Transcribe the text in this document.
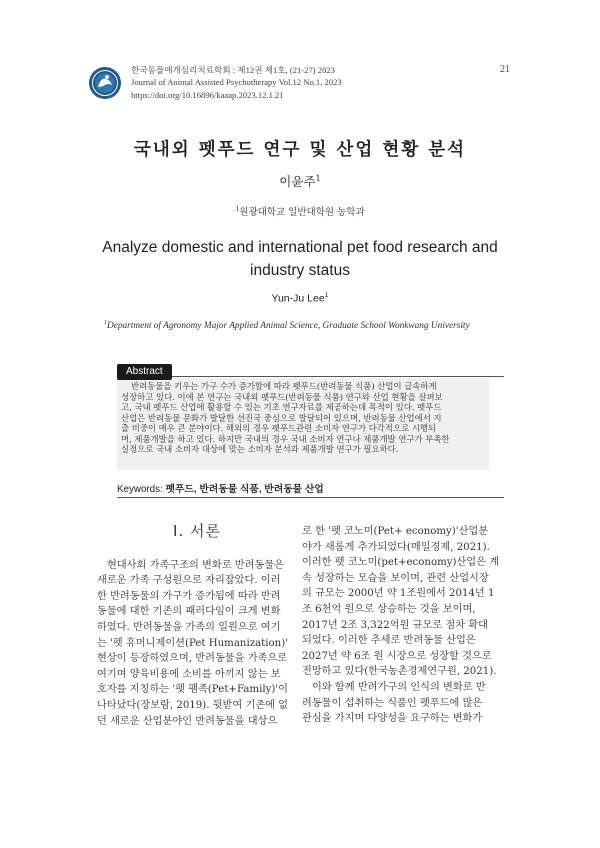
한국동물매개심리치료학회 : 제12권 제1호, (21-27) 2023
Journal of Animal Assisted Psychotherapy Vol.12 No.1, 2023
https://doi.org/10.16896/kaaap.2023.12.1.21
21
국내외 펫푸드 연구 및 산업 현황 분석
이윤주$^1$
$^1$원광대학교 일반대학원 농학과
Analyze domestic and international pet food research and
industry status
Yun-Ju Lee$^1$
$^1$Department of Agronomy Major Applied Animal Science, Graduate School Wonkwang University
Abstract
반려동물을 키우는 가구 수가 증가함에 따라 펫푸드(반려동물 식품) 산업이 급속하게
성장하고 있다. 이에 본 연구는 국내외 펫푸드(반려동물 식품) 연구와 산업 현황을 살펴보
고, 국내 펫푸드 산업에 활용할 수 있는 기초 연구자료를 제공하는데 목적이 있다. 펫푸드
산업은 반려동물 문화가 발달한 선진국 중심으로 발달되어 있으며, 반려동물 산업에서 지
출 비중이 매우 큰 분야이다. 해외의 경우 펫푸드관련 소비자 연구가 다각적으로 시행되
며, 제품개발을 하고 있다. 하지만 국내의 경우 국내 소비자 연구나 제품개발 연구가 부족한
실정으로 국내 소비자 대상에 맞는 소비자 분석과 제품개발 연구가 필요하다.
Keywords: 펫푸드, 반려동물 식품, 반려동물 산업
Ⅰ. 서론
현대사회 가족구조의 변화로 반려동물은
새로운 가족 구성원으로 자리잡았다. 이러
한 반려동물의 가구가 증가됨에 따라 반려
동물에 대한 기존의 패러다임이 크게 변화
하였다. 반려동물을 가족의 일원으로 여기
는 '펫 휴머니제이션(Pet Humanization)'
현상이 등장하였으며, 반려동물을 가족으로
여기며 양육비용에 소비를 아끼지 않는 보
호자를 지칭하는 '펫 팸족(Pet+Family)'이
나타났다(장보람, 2019). 뒷받여 기존에 없
던 새로운 산업분야인 반려동물을 대상으
로 한 '펫 코노미(Pet+ economy)'산업분
야가 새롭게 추가되었다(매일경제, 2021).
이러한 펫 코노미(pet+economy)산업은 계
속 성장하는 모습을 보이며, 관련 산업시장
의 규모는 2000년 약 1조원에서 2014년 1
조 6천억 원으로 상승하는 것을 보이며,
2017년 2조 3,322억원 규모로 점차 확대
되었다. 이러한 추세로 반려동물 산업은
2027년 약 6조 원 시장으로 성장할 것으로
전망하고 있다(한국농촌경제연구원, 2021).
이와 함께 반려가구의 인식의 변화로 반
려동물이 섭취하는 식품인 펫푸드에 많은
관심을 가지며 다양성을 요구하는 변화가
